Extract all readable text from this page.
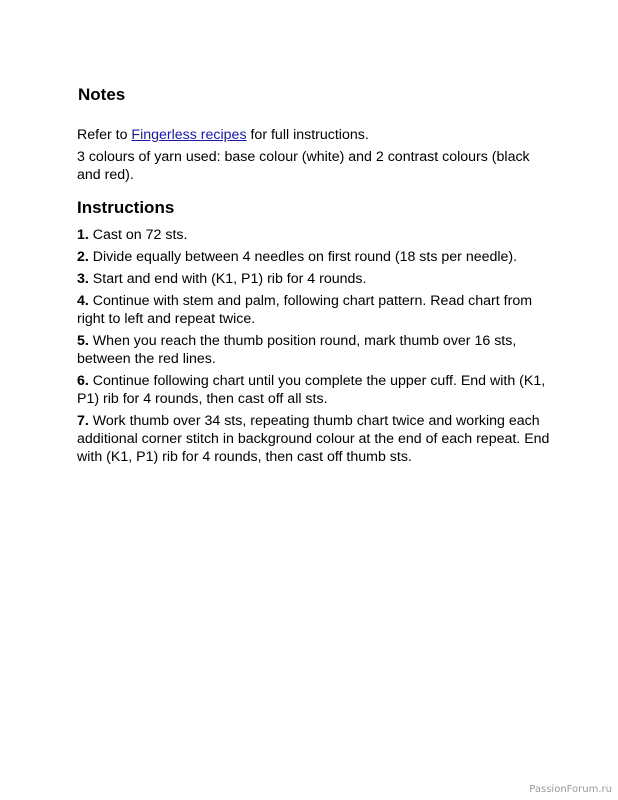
Notes

Refer to Fingerless recipes for full instructions.

3 colours of yarn used: base colour (white) and 2 contrast colours (black and red).

Instructions
1. Cast on 72 sts.
2. Divide equally between 4 needles on first round (18 sts per needle).
3. Start and end with (K1, P1) rib for 4 rounds.
4. Continue with stem and palm, following chart pattern. Read chart from right to left and repeat twice.
5. When you reach the thumb position round, mark thumb over 16 sts, between the red lines.
6. Continue following chart until you complete the upper cuff. End with (K1, P1) rib for 4 rounds, then cast off all sts.
7. Work thumb over 34 sts, repeating thumb chart twice and working each additional corner stitch in background colour at the end of each repeat. End with (K1, P1) rib for 4 rounds, then cast off thumb sts.
PassionForum.ru
